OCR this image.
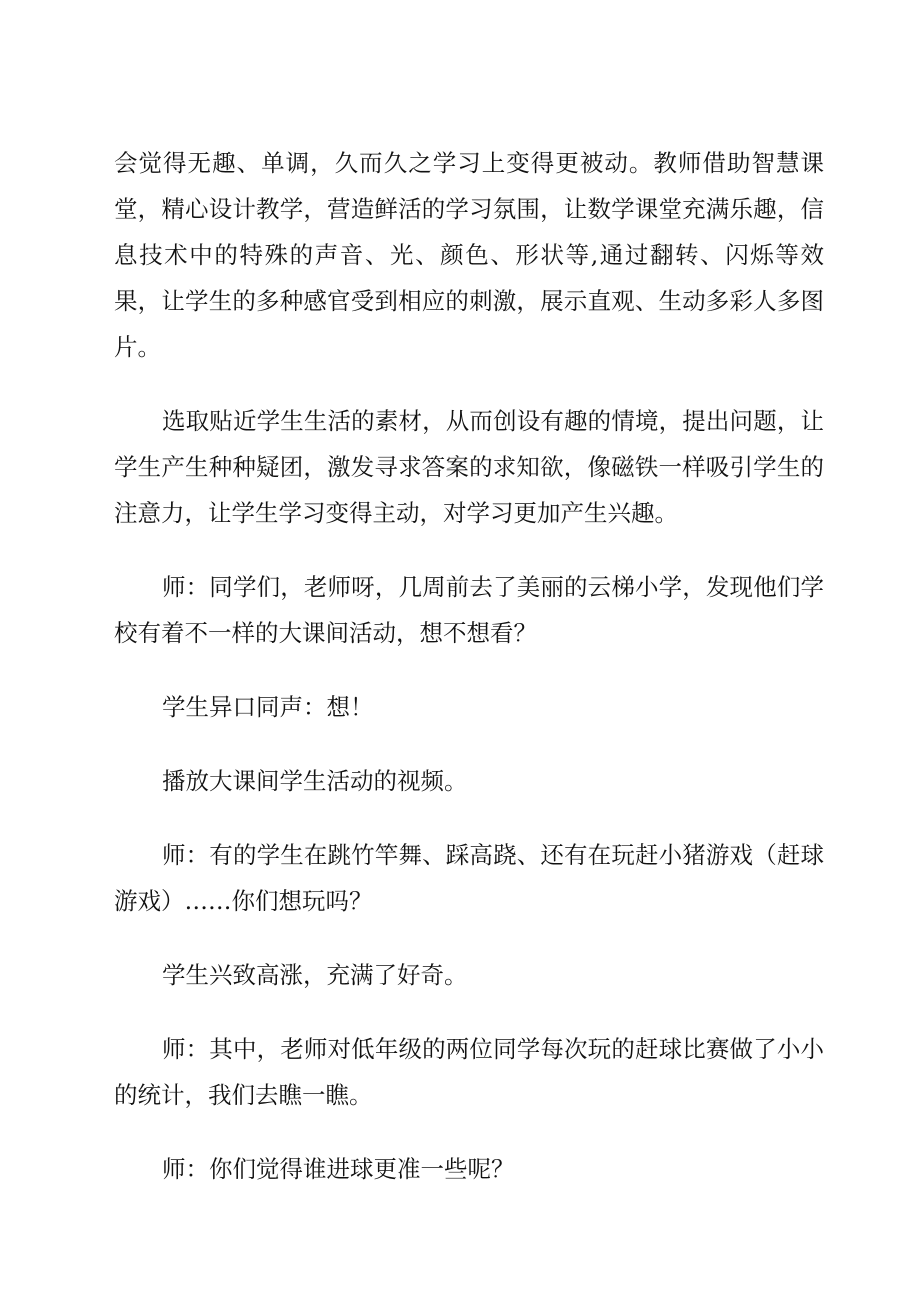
会觉得无趣、单调，久而久之学习上变得更被动。教师借助智慧课堂，精心设计教学，营造鲜活的学习氛围，让数学课堂充满乐趣，信息技术中的特殊的声音、光、颜色、形状等,通过翻转、闪烁等效果，让学生的多种感官受到相应的刺激，展示直观、生动多彩人多图片。

选取贴近学生生活的素材，从而创设有趣的情境，提出问题，让学生产生种种疑团，激发寻求答案的求知欲，像磁铁一样吸引学生的注意力，让学生学习变得主动，对学习更加产生兴趣。

师：同学们，老师呀，几周前去了美丽的云梯小学，发现他们学校有着不一样的大课间活动，想不想看？

学生异口同声：想！

播放大课间学生活动的视频。

师：有的学生在跳竹竿舞、踩高跷、还有在玩赶小猪游戏（赶球游戏）……你们想玩吗？

学生兴致高涨，充满了好奇。

师：其中，老师对低年级的两位同学每次玩的赶球比赛做了小小的统计，我们去瞧一瞧。

师：你们觉得谁进球更准一些呢？
